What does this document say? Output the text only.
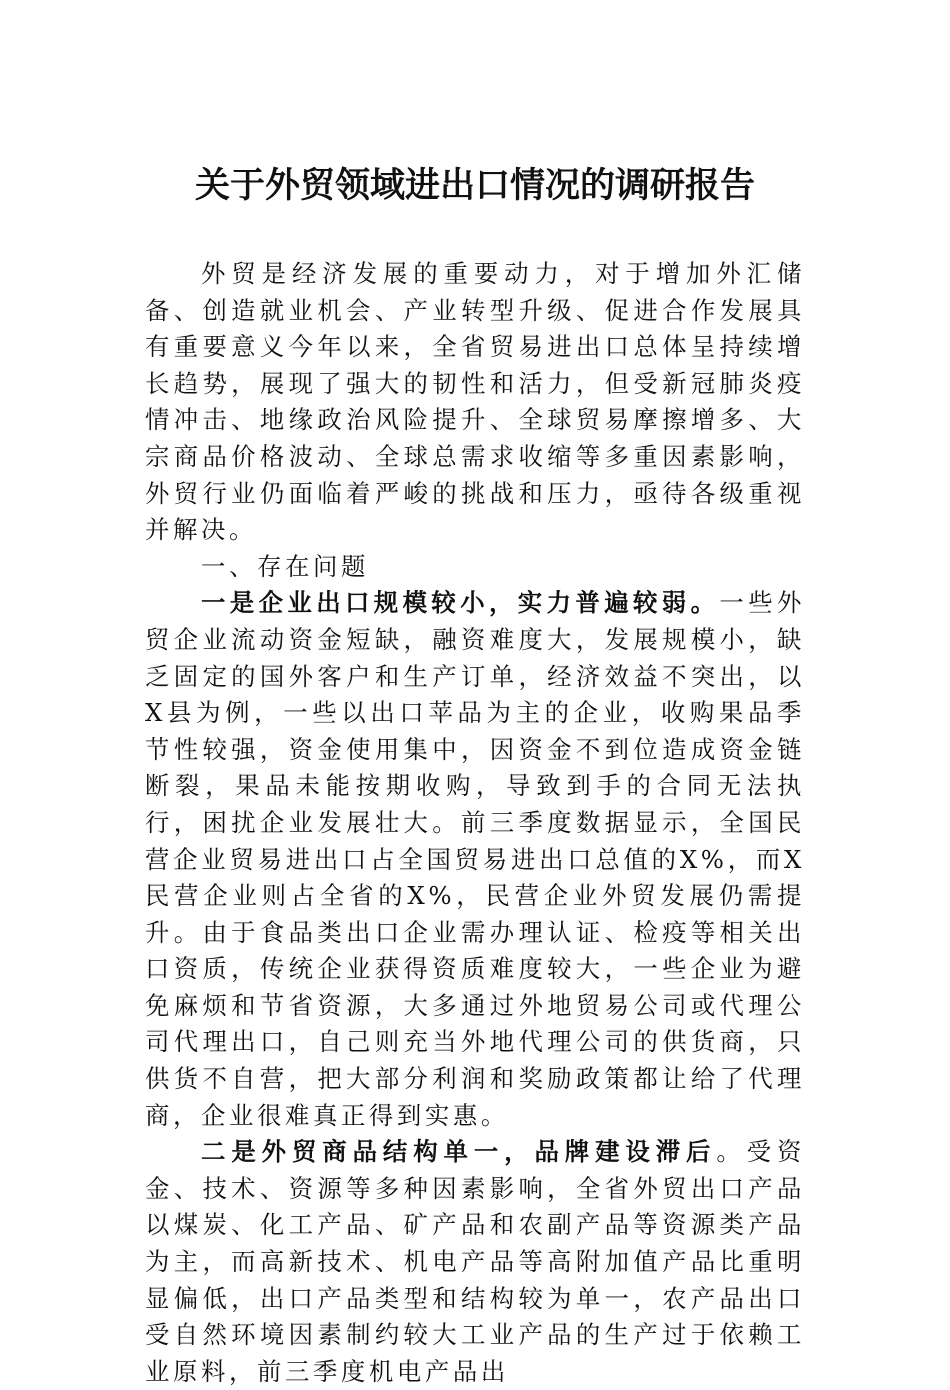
关于外贸领域进出口情况的调研报告

外贸是经济发展的重要动力，对于增加外汇储备、创造就业机会、产业转型升级、促进合作发展具有重要意义今年以来，全省贸易进出口总体呈持续增长趋势，展现了强大的韧性和活力，但受新冠肺炎疫情冲击、地缘政治风险提升、全球贸易摩擦增多、大宗商品价格波动、全球总需求收缩等多重因素影响，外贸行业仍面临着严峻的挑战和压力，亟待各级重视并解决。

一、存在问题

一是企业出口规模较小，实力普遍较弱。一些外贸企业流动资金短缺，融资难度大，发展规模小，缺乏固定的国外客户和生产订单，经济效益不突出，以X县为例，一些以出口苹品为主的企业，收购果品季节性较强，资金使用集中，因资金不到位造成资金链断裂，果品未能按期收购，导致到手的合同无法执行，困扰企业发展壮大。前三季度数据显示，全国民营企业贸易进出口占全国贸易进出口总值的X%，而X民营企业则占全省的X%，民营企业外贸发展仍需提升。由于食品类出口企业需办理认证、检疫等相关出口资质，传统企业获得资质难度较大，一些企业为避免麻烦和节省资源，大多通过外地贸易公司或代理公司代理出口，自己则充当外地代理公司的供货商，只供货不自营，把大部分利润和奖励政策都让给了代理商，企业很难真正得到实惠。

二是外贸商品结构单一，品牌建设滞后。受资金、技术、资源等多种因素影响，全省外贸出口产品以煤炭、化工产品、矿产品和农副产品等资源类产品为主，而高新技术、机电产品等高附加值产品比重明显偏低，出口产品类型和结构较为单一，农产品出口受自然环境因素制约较大工业产品的生产过于依赖工业原料，前三季度机电产品出
